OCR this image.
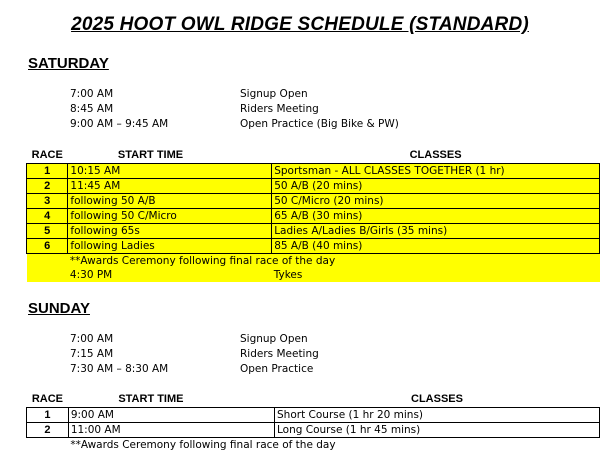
2025 HOOT OWL RIDGE SCHEDULE (STANDARD)
SATURDAY
7:00 AM	Signup Open
8:45 AM	Riders Meeting
9:00 AM – 9:45 AM	Open Practice (Big Bike & PW)
RACE	START TIME	CLASSES
1	10:15 AM	Sportsman - ALL CLASSES TOGETHER (1 hr)
2	11:45 AM	50 A/B (20 mins)
3	following 50 A/B	50 C/Micro (20 mins)
4	following 50 C/Micro	65 A/B (30 mins)
5	following 65s	Ladies A/Ladies B/Girls (35 mins)
6	following Ladies	85 A/B (40 mins)
	**Awards Ceremony following final race of the day	
	4:30 PM	Tykes
SUNDAY
7:00 AM	Signup Open
7:15 AM	Riders Meeting
7:30 AM – 8:30 AM	Open Practice
RACE	START TIME	CLASSES
1	9:00 AM	Short Course (1 hr 20 mins)
2	11:00 AM	Long Course (1 hr 45 mins)
	**Awards Ceremony following final race of the day	
